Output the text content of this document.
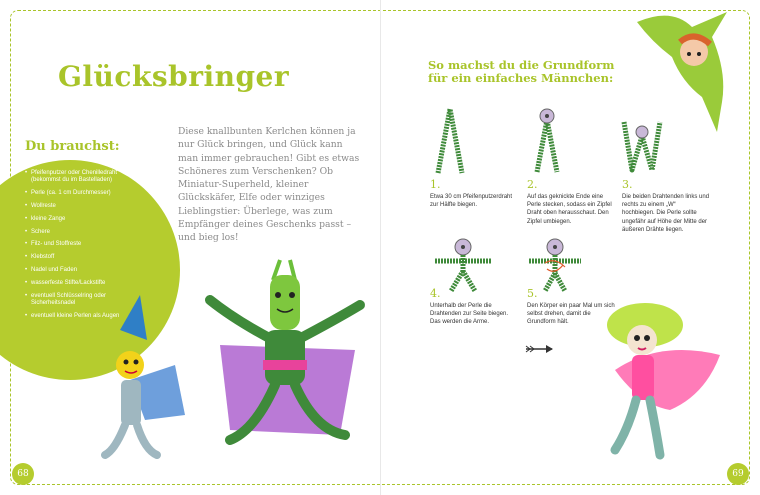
Glücksbringer

Diese knallbunten Kerlchen können ja nur Glück bringen, und Glück kann man immer gebrauchen! Gibt es etwas Schöneres zum Verschenken? Ob Miniatur-Superheld, kleiner Glückskäfer, Elfe oder winziges Lieblingstier: Überlege, was zum Empfänger deines Geschenks passt – und bieg los!

Du brauchst:
• Pfeifenputzer oder Chenilledraht (bekommst du im Bastelladen)
• Perle (ca. 1 cm Durchmesser)
• Wollreste
• kleine Zange
• Schere
• Filz- und Stoffreste
• Klebstoff
• Nadel und Faden
• wasserfeste Stifte/Lackstifte
• eventuell Schlüsselring oder Sicherheitsnadel
• eventuell kleine Perlen als Augen
68
So machst du die Grundform
für ein einfaches Männchen:
1.
Etwa 30 cm Pfeifenputzerdraht zur Hälfte biegen.
2.
Auf das geknickte Ende eine Perle stecken, sodass ein Zipfel Draht oben herausschaut. Den Zipfel umbiegen.
3.
Die beiden Drahtenden links und rechts zu einem „W“ hochbiegen. Die Perle sollte ungefähr auf Höhe der Mitte der äußeren Drähte liegen.
4.
Unterhalb der Perle die Drahtenden zur Seite biegen. Das werden die Arme.
5.
Den Körper ein paar Mal um sich selbst drehen, damit die Grundform hält.
69
